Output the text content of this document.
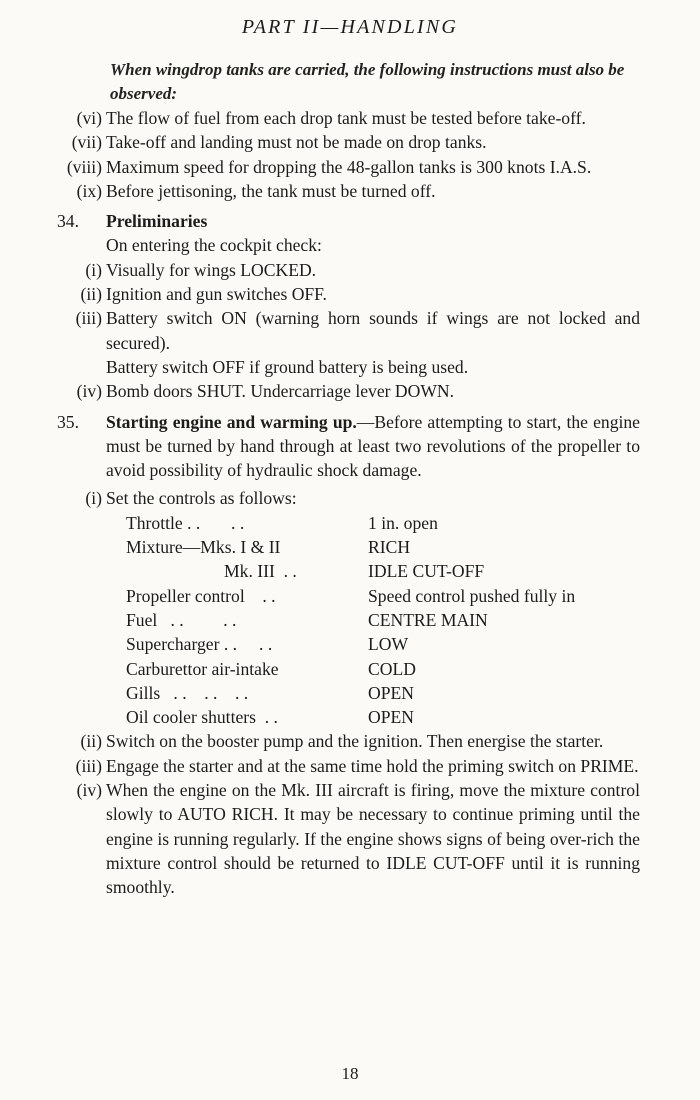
PART II—HANDLING
When wingdrop tanks are carried, the following instructions must also be observed:
(vi) The flow of fuel from each drop tank must be tested before take-off.
(vii) Take-off and landing must not be made on drop tanks.
(viii) Maximum speed for dropping the 48-gallon tanks is 300 knots I.A.S.
(ix) Before jettisoning, the tank must be turned off.
34. Preliminaries
On entering the cockpit check:
(i) Visually for wings LOCKED.
(ii) Ignition and gun switches OFF.
(iii) Battery switch ON (warning horn sounds if wings are not locked and secured).
Battery switch OFF if ground battery is being used.
(iv) Bomb doors SHUT. Undercarriage lever DOWN.
35. Starting engine and warming up.—Before attempting to start, the engine must be turned by hand through at least two revolutions of the propeller to avoid possibility of hydraulic shock damage.
(i) Set the controls as follows:
Throttle . .       . .	1 in. open
Mixture—Mks. I & II	RICH
Mk. III  . .	IDLE CUT-OFF
Propeller control    . .	Speed control pushed fully in
Fuel   . .         . .	CENTRE MAIN
Supercharger . .     . .	LOW
Carburettor air-intake	COLD
Gills   . .    . .    . .	OPEN
Oil cooler shutters  . .	OPEN
(ii) Switch on the booster pump and the ignition. Then energise the starter.
(iii) Engage the starter and at the same time hold the priming switch on PRIME.
(iv) When the engine on the Mk. III aircraft is firing, move the mixture control slowly to AUTO RICH. It may be necessary to continue priming until the engine is running regularly. If the engine shows signs of being over-rich the mixture control should be returned to IDLE CUT-OFF until it is running smoothly.
18
